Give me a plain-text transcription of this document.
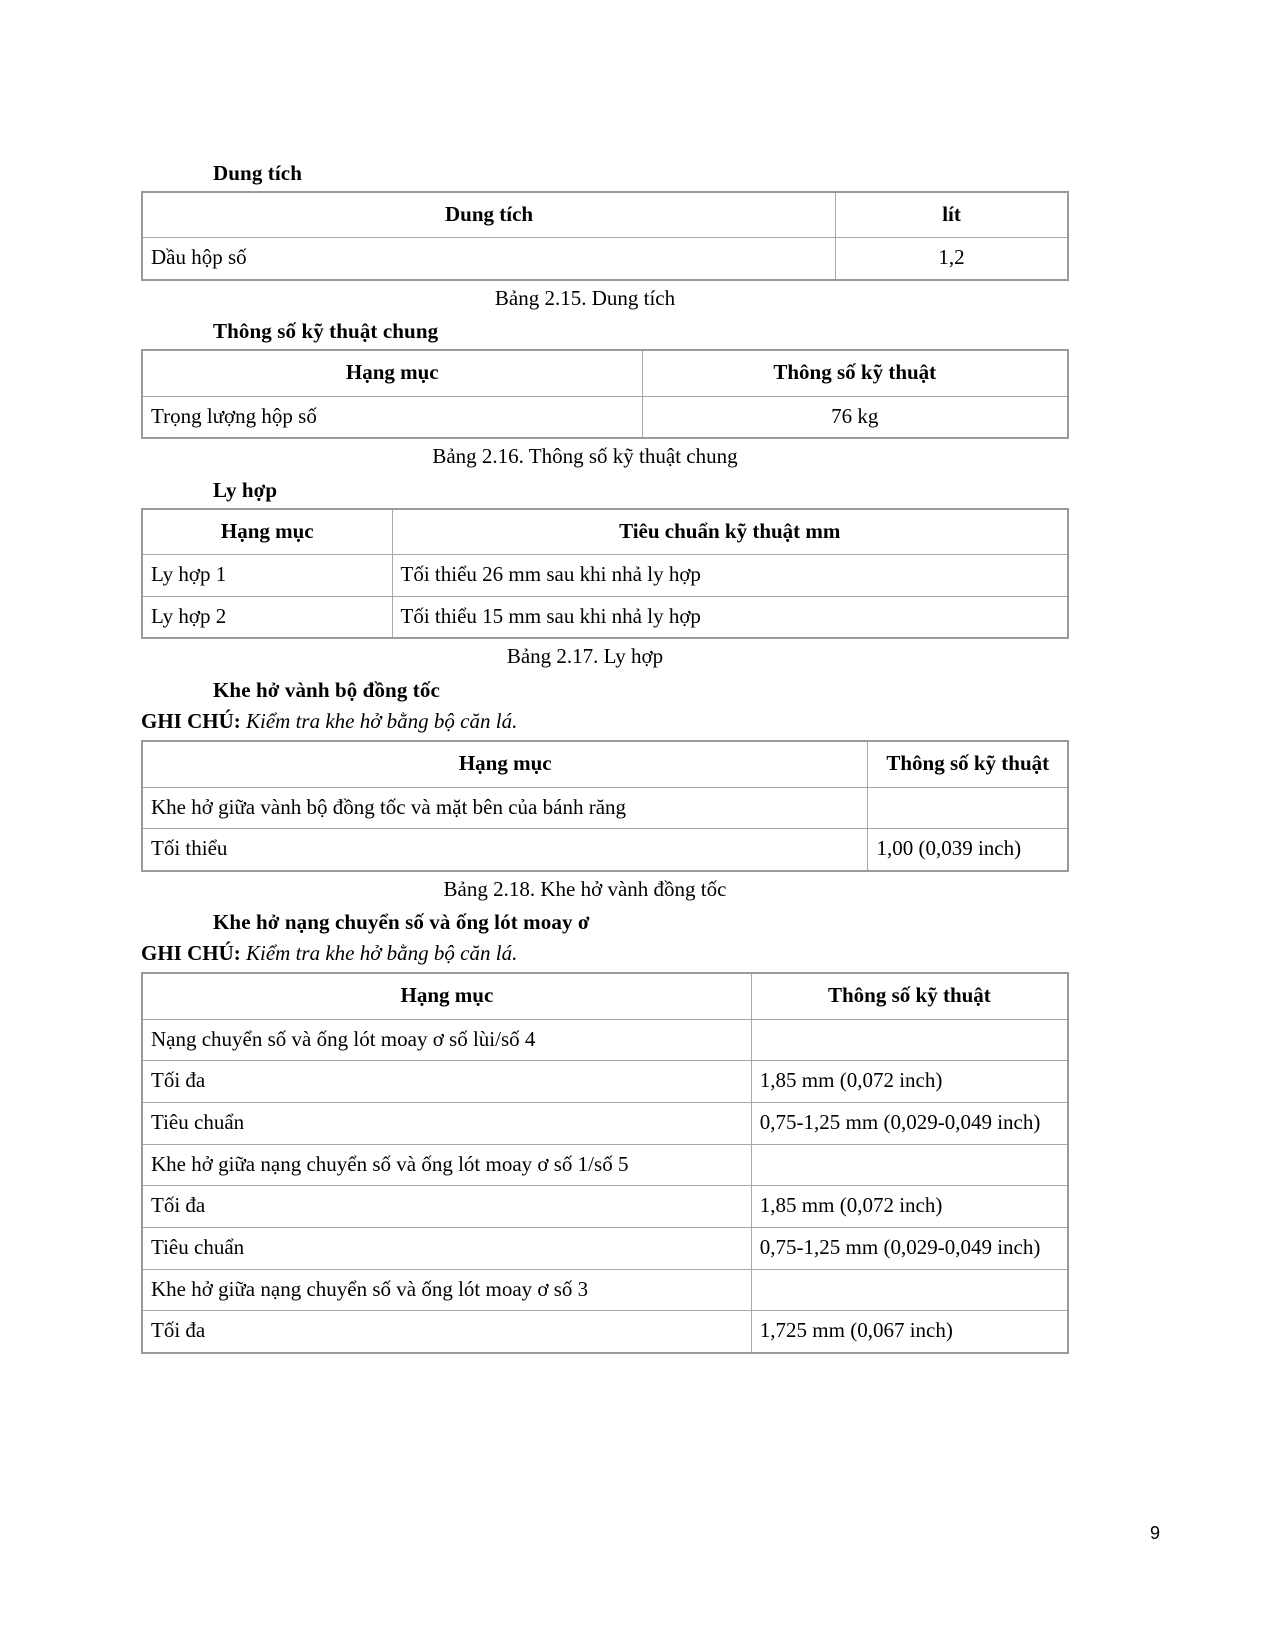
Dung tích
Dung tích	lít
Dầu hộp số	1,2
Bảng 2.15. Dung tích
Thông số kỹ thuật chung
Hạng mục	Thông số kỹ thuật
Trọng lượng hộp số	76 kg
Bảng 2.16. Thông số kỹ thuật chung
Ly hợp
Hạng mục	Tiêu chuẩn kỹ thuật mm
Ly hợp 1	Tối thiểu 26 mm sau khi nhả ly hợp
Ly hợp 2	Tối thiểu 15 mm sau khi nhả ly hợp
Bảng 2.17. Ly hợp
Khe hở vành bộ đồng tốc
GHI CHÚ: Kiểm tra khe hở bằng bộ căn lá.
Hạng mục	Thông số kỹ thuật
Khe hở giữa vành bộ đồng tốc và mặt bên của bánh răng	
Tối thiểu	1,00 (0,039 inch)
Bảng 2.18. Khe hở vành đồng tốc
Khe hở nạng chuyển số và ống lót moay ơ
GHI CHÚ: Kiểm tra khe hở bằng bộ căn lá.
Hạng mục	Thông số kỹ thuật
Nạng chuyển số và ống lót moay ơ số lùi/số 4	
Tối đa	1,85 mm (0,072 inch)
Tiêu chuẩn	0,75-1,25 mm (0,029-0,049 inch)
Khe hở giữa nạng chuyển số và ống lót moay ơ số 1/số 5	
Tối đa	1,85 mm (0,072 inch)
Tiêu chuẩn	0,75-1,25 mm (0,029-0,049 inch)
Khe hở giữa nạng chuyển số và ống lót moay ơ số 3	
Tối đa	1,725 mm (0,067 inch)
9
